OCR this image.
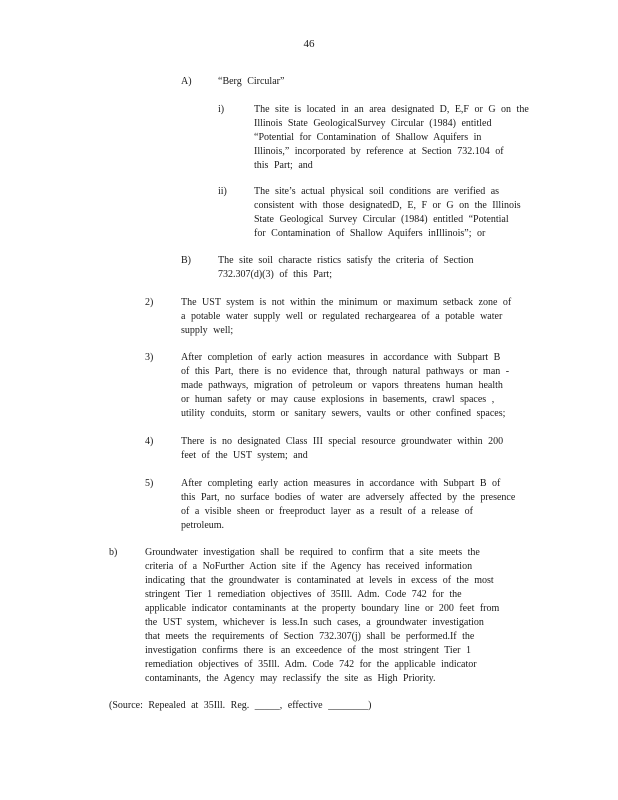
46
A)	“Berg Circular”
i)	The site is located in an area designated D, E,F or G on the
Illinois State GeologicalSurvey Circular (1984) entitled
“Potential for Contamination of Shallow Aquifers in
Illinois,” incorporated by reference at Section 732.104 of
this Part; and
ii)	The site’s actual physical soil conditions are verified as
consistent with those designatedD, E, F or G on the Illinois
State Geological Survey Circular (1984) entitled “Potential
for Contamination of Shallow Aquifers inIllinois”; or
B)	The site soil characte ristics satisfy the criteria of Section
732.307(d)(3) of this Part;
2)	The UST system is not within the minimum or maximum setback zone of
a potable water supply well or regulated rechargearea of a potable water
supply well;
3)	After completion of early action measures in accordance with Subpart B
of this Part, there is no evidence that, through natural pathways or man -
made pathways, migration of petroleum or vapors threatens human health
or human safety or may cause explosions in basements, crawl spaces ,
utility conduits, storm or sanitary sewers, vaults or other confined spaces;
4)	There is no designated Class III special resource groundwater within 200
feet of the UST system; and
5)	After completing early action measures in accordance with Subpart B of
this Part, no surface bodies of water are adversely affected by the presence
of a visible sheen or freeproduct layer as a result of a release of
petroleum.
b)	Groundwater investigation shall be required to confirm that a site meets the
criteria of a NoFurther Action site if the Agency has received information
indicating that the groundwater is contaminated at levels in excess of the most
stringent Tier 1 remediation objectives of 35Ill. Adm. Code 742 for the
applicable indicator contaminants at the property boundary line or 200 feet from
the UST system, whichever is less.In such cases, a groundwater investigation
that meets the requirements of Section 732.307(j) shall be performed.If the
investigation confirms there is an exceedence of the most stringent Tier 1
remediation objectives of 35Ill. Adm. Code 742 for the applicable indicator
contaminants, the Agency may reclassify the site as High Priority.
(Source: Repealed at 35Ill. Reg. _____, effective ________)
